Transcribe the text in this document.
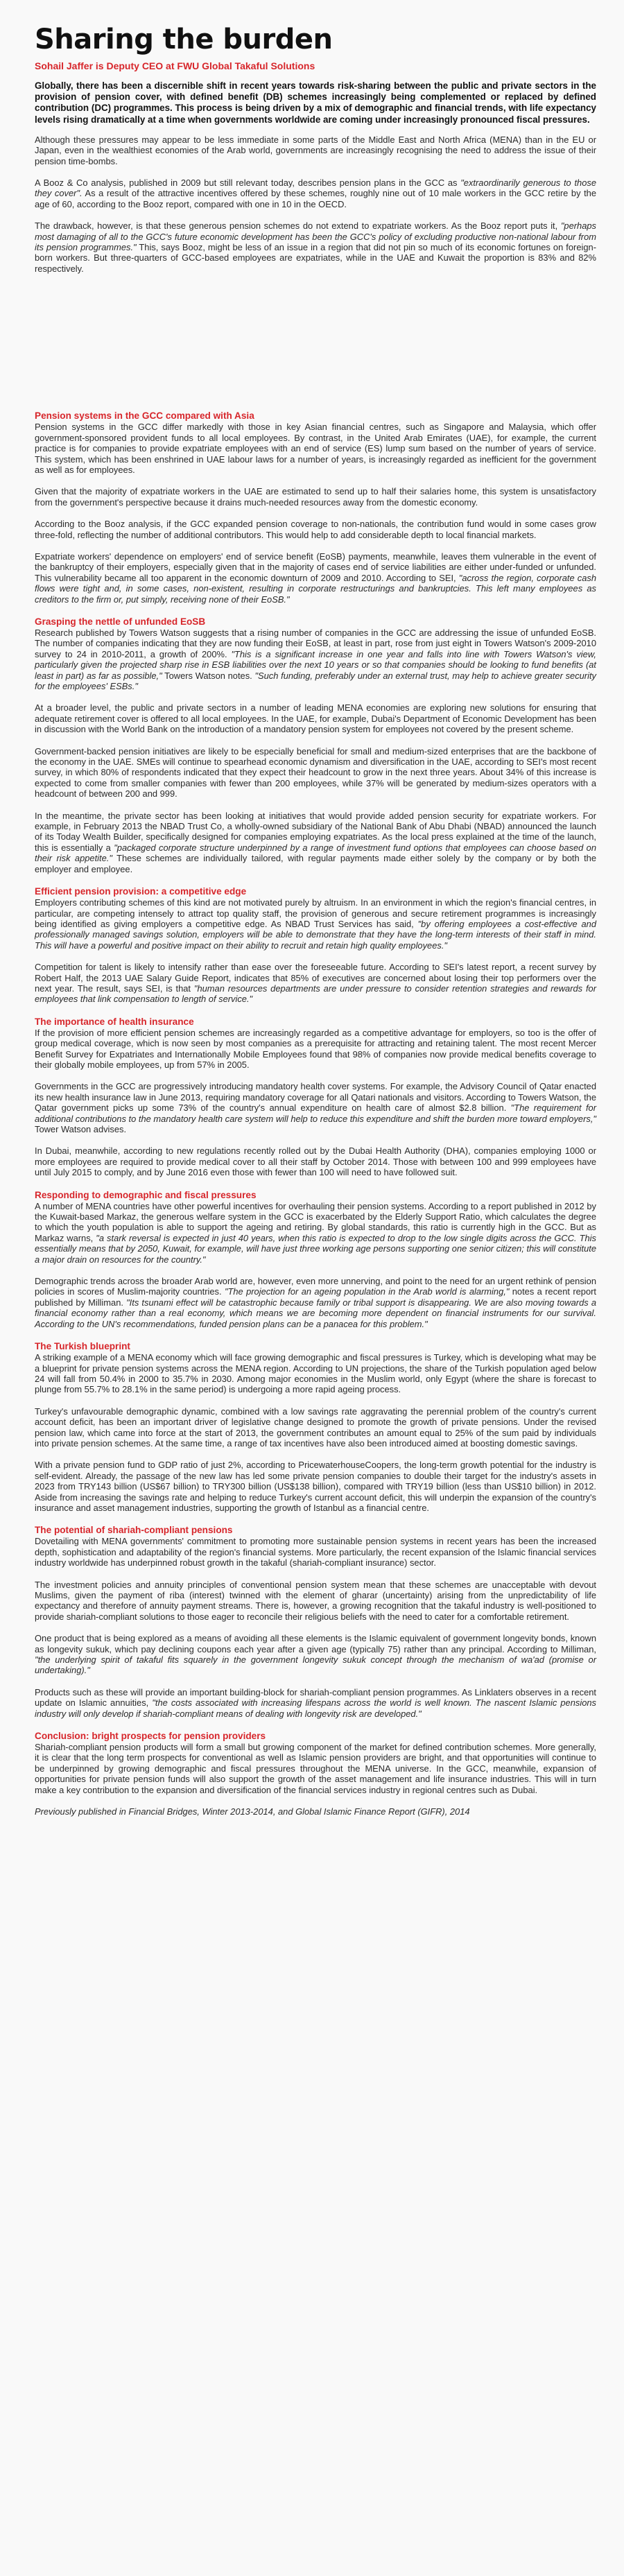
Sharing the burden
Sohail Jaffer is Deputy CEO at FWU Global Takaful Solutions

Globally, there has been a discernible shift in recent years towards risk-sharing between the public and private sectors in the provision of pension cover, with defined benefit (DB) schemes increasingly being complemented or replaced by defined contribution (DC) programmes. This process is being driven by a mix of demographic and financial trends, with life expectancy levels rising dramatically at a time when governments worldwide are coming under increasingly pronounced fiscal pressures.

Although these pressures may appear to be less immediate in some parts of the Middle East and North Africa (MENA) than in the EU or Japan, even in the wealthiest economies of the Arab world, governments are increasingly recognising the need to address the issue of their pension time-bombs.

A Booz & Co analysis, published in 2009 but still relevant today, describes pension plans in the GCC as "extraordinarily generous to those they cover". As a result of the attractive incentives offered by these schemes, roughly nine out of 10 male workers in the GCC retire by the age of 60, according to the Booz report, compared with one in 10 in the OECD.

The drawback, however, is that these generous pension schemes do not extend to expatriate workers. As the Booz report puts it, "perhaps most damaging of all to the GCC's future economic development has been the GCC's policy of excluding productive non-national labour from its pension programmes." This, says Booz, might be less of an issue in a region that did not pin so much of its economic fortunes on foreign-born workers. But three-quarters of GCC-based employees are expatriates, while in the UAE and Kuwait the proportion is 83% and 82% respectively.

Pension systems in the GCC compared with Asia

Pension systems in the GCC differ markedly with those in key Asian financial centres, such as Singapore and Malaysia, which offer government-sponsored provident funds to all local employees. By contrast, in the United Arab Emirates (UAE), for example, the current practice is for companies to provide expatriate employees with an end of service (ES) lump sum based on the number of years of service. This system, which has been enshrined in UAE labour laws for a number of years, is increasingly regarded as inefficient for the government as well as for employees.

Given that the majority of expatriate workers in the UAE are estimated to send up to half their salaries home, this system is unsatisfactory from the government's perspective because it drains much-needed resources away from the domestic economy.

According to the Booz analysis, if the GCC expanded pension coverage to non-nationals, the contribution fund would in some cases grow three-fold, reflecting the number of additional contributors. This would help to add considerable depth to local financial markets.

Expatriate workers' dependence on employers' end of service benefit (EoSB) payments, meanwhile, leaves them vulnerable in the event of the bankruptcy of their employers, especially given that in the majority of cases end of service liabilities are either under-funded or unfunded. This vulnerability became all too apparent in the economic downturn of 2009 and 2010. According to SEI, "across the region, corporate cash flows were tight and, in some cases, non-existent, resulting in corporate restructurings and bankruptcies. This left many employees as creditors to the firm or, put simply, receiving none of their EoSB."

Grasping the nettle of unfunded EoSB

Research published by Towers Watson suggests that a rising number of companies in the GCC are addressing the issue of unfunded EoSB. The number of companies indicating that they are now funding their EoSB, at least in part, rose from just eight in Towers Watson's 2009-2010 survey to 24 in 2010-2011, a growth of 200%. "This is a significant increase in one year and falls into line with Towers Watson's view, particularly given the projected sharp rise in ESB liabilities over the next 10 years or so that companies should be looking to fund benefits (at least in part) as far as possible," Towers Watson notes. "Such funding, preferably under an external trust, may help to achieve greater security for the employees' ESBs."

At a broader level, the public and private sectors in a number of leading MENA economies are exploring new solutions for ensuring that adequate retirement cover is offered to all local employees. In the UAE, for example, Dubai's Department of Economic Development has been in discussion with the World Bank on the introduction of a mandatory pension system for employees not covered by the present scheme.

Government-backed pension initiatives are likely to be especially beneficial for small and medium-sized enterprises that are the backbone of the economy in the UAE. SMEs will continue to spearhead economic dynamism and diversification in the UAE, according to SEI's most recent survey, in which 80% of respondents indicated that they expect their headcount to grow in the next three years. About 34% of this increase is expected to come from smaller companies with fewer than 200 employees, while 37% will be generated by medium-sizes operators with a headcount of between 200 and 999.

In the meantime, the private sector has been looking at initiatives that would provide added pension security for expatriate workers. For example, in February 2013 the NBAD Trust Co, a wholly-owned subsidiary of the National Bank of Abu Dhabi (NBAD) announced the launch of its Today Wealth Builder, specifically designed for companies employing expatriates. As the local press explained at the time of the launch, this is essentially a "packaged corporate structure underpinned by a range of investment fund options that employees can choose based on their risk appetite." These schemes are individually tailored, with regular payments made either solely by the company or by both the employer and employee.

Efficient pension provision: a competitive edge

Employers contributing schemes of this kind are not motivated purely by altruism. In an environment in which the region's financial centres, in particular, are competing intensely to attract top quality staff, the provision of generous and secure retirement programmes is increasingly being identified as giving employers a competitive edge. As NBAD Trust Services has said, "by offering employees a cost-effective and professionally managed savings solution, employers will be able to demonstrate that they have the long-term interests of their staff in mind. This will have a powerful and positive impact on their ability to recruit and retain high quality employees."

Competition for talent is likely to intensify rather than ease over the foreseeable future. According to SEI's latest report, a recent survey by Robert Half, the 2013 UAE Salary Guide Report, indicates that 85% of executives are concerned about losing their top performers over the next year. The result, says SEI, is that "human resources departments are under pressure to consider retention strategies and rewards for employees that link compensation to length of service."

The importance of health insurance

If the provision of more efficient pension schemes are increasingly regarded as a competitive advantage for employers, so too is the offer of group medical coverage, which is now seen by most companies as a prerequisite for attracting and retaining talent. The most recent Mercer Benefit Survey for Expatriates and Internationally Mobile Employees found that 98% of companies now provide medical benefits coverage to their globally mobile employees, up from 57% in 2005.

Governments in the GCC are progressively introducing mandatory health cover systems. For example, the Advisory Council of Qatar enacted its new health insurance law in June 2013, requiring mandatory coverage for all Qatari nationals and visitors. According to Towers Watson, the Qatar government picks up some 73% of the country's annual expenditure on health care of almost $2.8 billion. "The requirement for additional contributions to the mandatory health care system will help to reduce this expenditure and shift the burden more toward employers," Tower Watson advises.

In Dubai, meanwhile, according to new regulations recently rolled out by the Dubai Health Authority (DHA), companies employing 1000 or more employees are required to provide medical cover to all their staff by October 2014. Those with between 100 and 999 employees have until July 2015 to comply, and by June 2016 even those with fewer than 100 will need to have followed suit.

Responding to demographic and fiscal pressures

A number of MENA countries have other powerful incentives for overhauling their pension systems. According to a report published in 2012 by the Kuwait-based Markaz, the generous welfare system in the GCC is exacerbated by the Elderly Support Ratio, which calculates the degree to which the youth population is able to support the ageing and retiring. By global standards, this ratio is currently high in the GCC. But as Markaz warns, "a stark reversal is expected in just 40 years, when this ratio is expected to drop to the low single digits across the GCC. This essentially means that by 2050, Kuwait, for example, will have just three working age persons supporting one senior citizen; this will constitute a major drain on resources for the country."

Demographic trends across the broader Arab world are, however, even more unnerving, and point to the need for an urgent rethink of pension policies in scores of Muslim-majority countries. "The projection for an ageing population in the Arab world is alarming," notes a recent report published by Milliman. "Its tsunami effect will be catastrophic because family or tribal support is disappearing. We are also moving towards a financial economy rather than a real economy, which means we are becoming more dependent on financial instruments for our survival. According to the UN's recommendations, funded pension plans can be a panacea for this problem."

The Turkish blueprint

A striking example of a MENA economy which will face growing demographic and fiscal pressures is Turkey, which is developing what may be a blueprint for private pension systems across the MENA region. According to UN projections, the share of the Turkish population aged below 24 will fall from 50.4% in 2000 to 35.7% in 2030. Among major economies in the Muslim world, only Egypt (where the share is forecast to plunge from 55.7% to 28.1% in the same period) is undergoing a more rapid ageing process.

Turkey's unfavourable demographic dynamic, combined with a low savings rate aggravating the perennial problem of the country's current account deficit, has been an important driver of legislative change designed to promote the growth of private pensions. Under the revised pension law, which came into force at the start of 2013, the government contributes an amount equal to 25% of the sum paid by individuals into private pension schemes. At the same time, a range of tax incentives have also been introduced aimed at boosting domestic savings.

With a private pension fund to GDP ratio of just 2%, according to PricewaterhouseCoopers, the long-term growth potential for the industry is self-evident. Already, the passage of the new law has led some private pension companies to double their target for the industry's assets in 2023 from TRY143 billion (US$67 billion) to TRY300 billion (US$138 billion), compared with TRY19 billion (less than US$10 billion) in 2012. Aside from increasing the savings rate and helping to reduce Turkey's current account deficit, this will underpin the expansion of the country's insurance and asset management industries, supporting the growth of Istanbul as a financial centre.

The potential of shariah-compliant pensions

Dovetailing with MENA governments' commitment to promoting more sustainable pension systems in recent years has been the increased depth, sophistication and adaptability of the region's financial systems. More particularly, the recent expansion of the Islamic financial services industry worldwide has underpinned robust growth in the takaful (shariah-compliant insurance) sector.

The investment policies and annuity principles of conventional pension system mean that these schemes are unacceptable with devout Muslims, given the payment of riba (interest) twinned with the element of gharar (uncertainty) arising from the unpredictability of life expectancy and therefore of annuity payment streams. There is, however, a growing recognition that the takaful industry is well-positioned to provide shariah-compliant solutions to those eager to reconcile their religious beliefs with the need to cater for a comfortable retirement.

One product that is being explored as a means of avoiding all these elements is the Islamic equivalent of government longevity bonds, known as longevity sukuk, which pay declining coupons each year after a given age (typically 75) rather than any principal. According to Milliman, "the underlying spirit of takaful fits squarely in the government longevity sukuk concept through the mechanism of wa'ad (promise or undertaking)."

Products such as these will provide an important building-block for shariah-compliant pension programmes. As Linklaters observes in a recent update on Islamic annuities, "the costs associated with increasing lifespans across the world is well known. The nascent Islamic pensions industry will only develop if shariah-compliant means of dealing with longevity risk are developed."

Conclusion: bright prospects for pension providers

Shariah-compliant pension products will form a small but growing component of the market for defined contribution schemes. More generally, it is clear that the long term prospects for conventional as well as Islamic pension providers are bright, and that opportunities will continue to be underpinned by growing demographic and fiscal pressures throughout the MENA universe. In the GCC, meanwhile, expansion of opportunities for private pension funds will also support the growth of the asset management and life insurance industries. This will in turn make a key contribution to the expansion and diversification of the financial services industry in regional centres such as Dubai.

Previously published in Financial Bridges, Winter 2013-2014, and Global Islamic Finance Report (GIFR), 2014
